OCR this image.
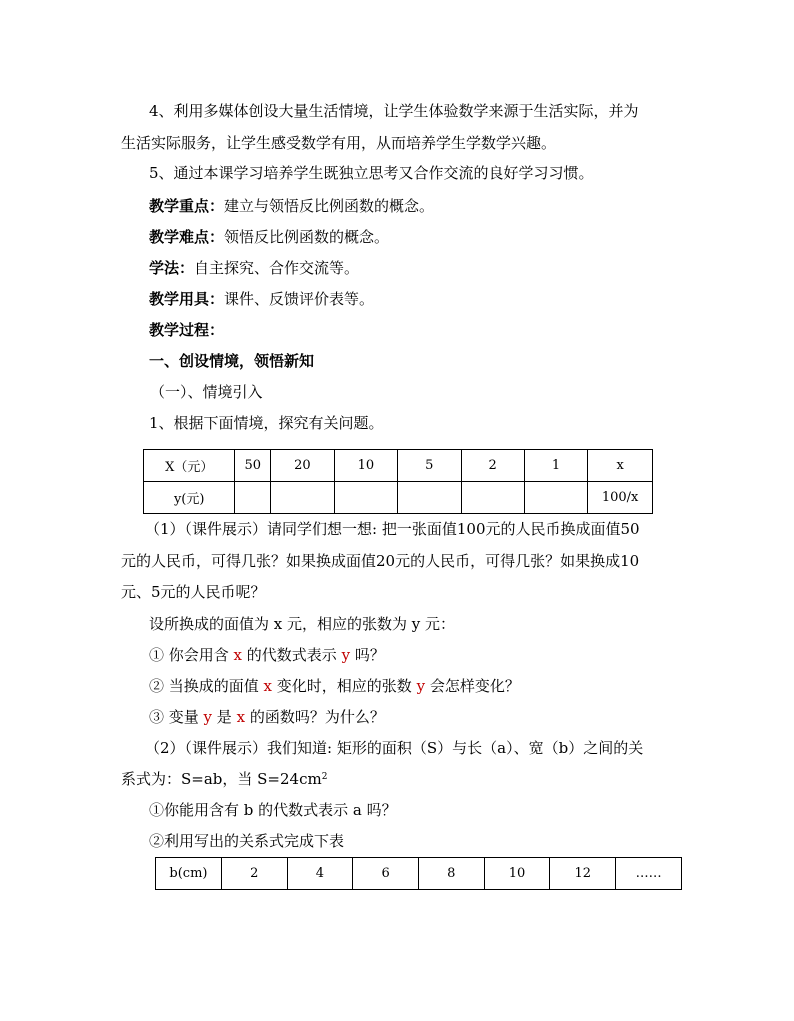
4、利用多媒体创设大量生活情境，让学生体验数学来源于生活实际，并为
生活实际服务，让学生感受数学有用，从而培养学生学数学兴趣。
5、通过本课学习培养学生既独立思考又合作交流的良好学习习惯。
教学重点：建立与领悟反比例函数的概念。
教学难点：领悟反比例函数的概念。
学法：自主探究、合作交流等。
教学用具：课件、反馈评价表等。
教学过程：
一、创设情境，领悟新知
（一）、情境引入
1、根据下面情境，探究有关问题。
X（元）	50	20	10	5	2	1	x
y(元)							100/x
（1）（课件展示）请同学们想一想: 把一张面值100元的人民币换成面值50
元的人民币，可得几张？如果换成面值20元的人民币，可得几张？如果换成10
元、5元的人民币呢？
设所换成的面值为 x 元，相应的张数为 y 元：
① 你会用含 x 的代数式表示 y 吗？
② 当换成的面值 x 变化时，相应的张数 y 会怎样变化？
③ 变量 y 是 x 的函数吗？为什么？
（2）（课件展示）我们知道: 矩形的面积（S）与长（a）、宽（b）之间的关
系式为：S=ab，当 $S=24cm^2$
①你能用含有 b 的代数式表示 a 吗？
②利用写出的关系式完成下表
b(cm)	2	4	6	8	10	12	……
